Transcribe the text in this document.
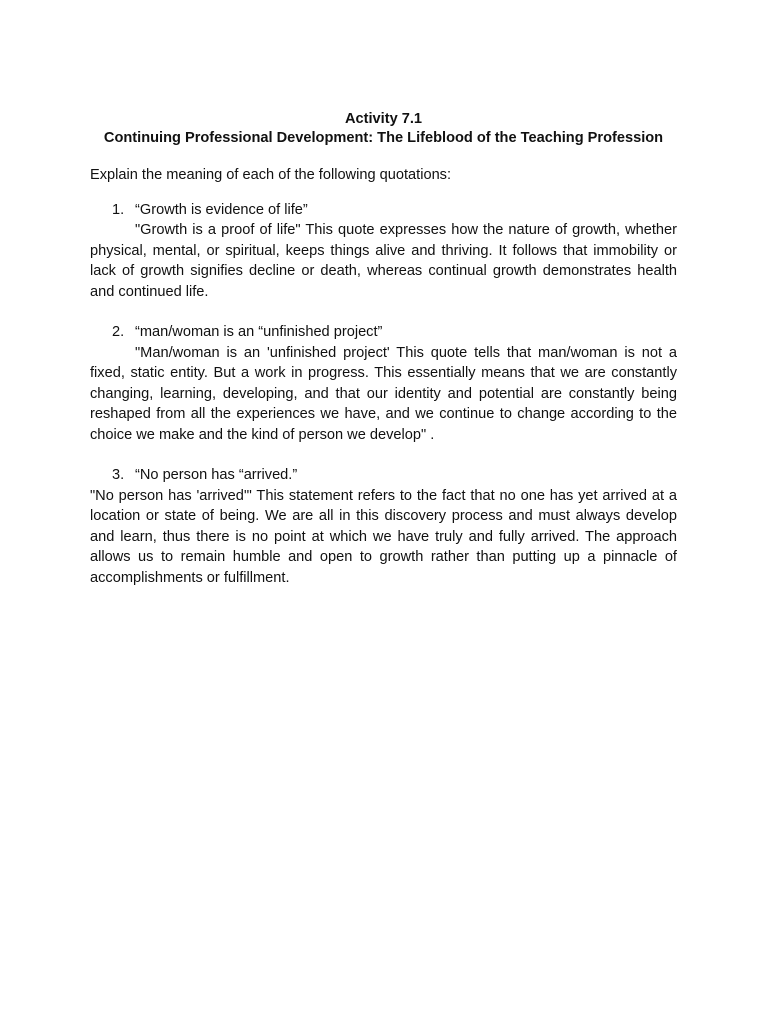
Activity 7.1

Continuing Professional Development: The Lifeblood of the Teaching Profession

Explain the meaning of each of the following quotations:

1. “Growth is evidence of life”

"Growth is a proof of life" This quote expresses how the nature of growth, whether physical, mental, or spiritual, keeps things alive and thriving. It follows that immobility or lack of growth signifies decline or death, whereas continual growth demonstrates health and continued life.

2. “man/woman is an “unfinished project”

"Man/woman is an 'unfinished project' This quote tells that man/woman is not a fixed, static entity. But a work in progress. This essentially means that we are constantly changing, learning, developing, and that our identity and potential are constantly being reshaped from all the experiences we have, and we continue to change according to the choice we make and the kind of person we develop" .

3. “No person has “arrived.”

"No person has 'arrived'" This statement refers to the fact that no one has yet arrived at a location or state of being. We are all in this discovery process and must always develop and learn, thus there is no point at which we have truly and fully arrived. The approach allows us to remain humble and open to growth rather than putting up a pinnacle of accomplishments or fulfillment.
